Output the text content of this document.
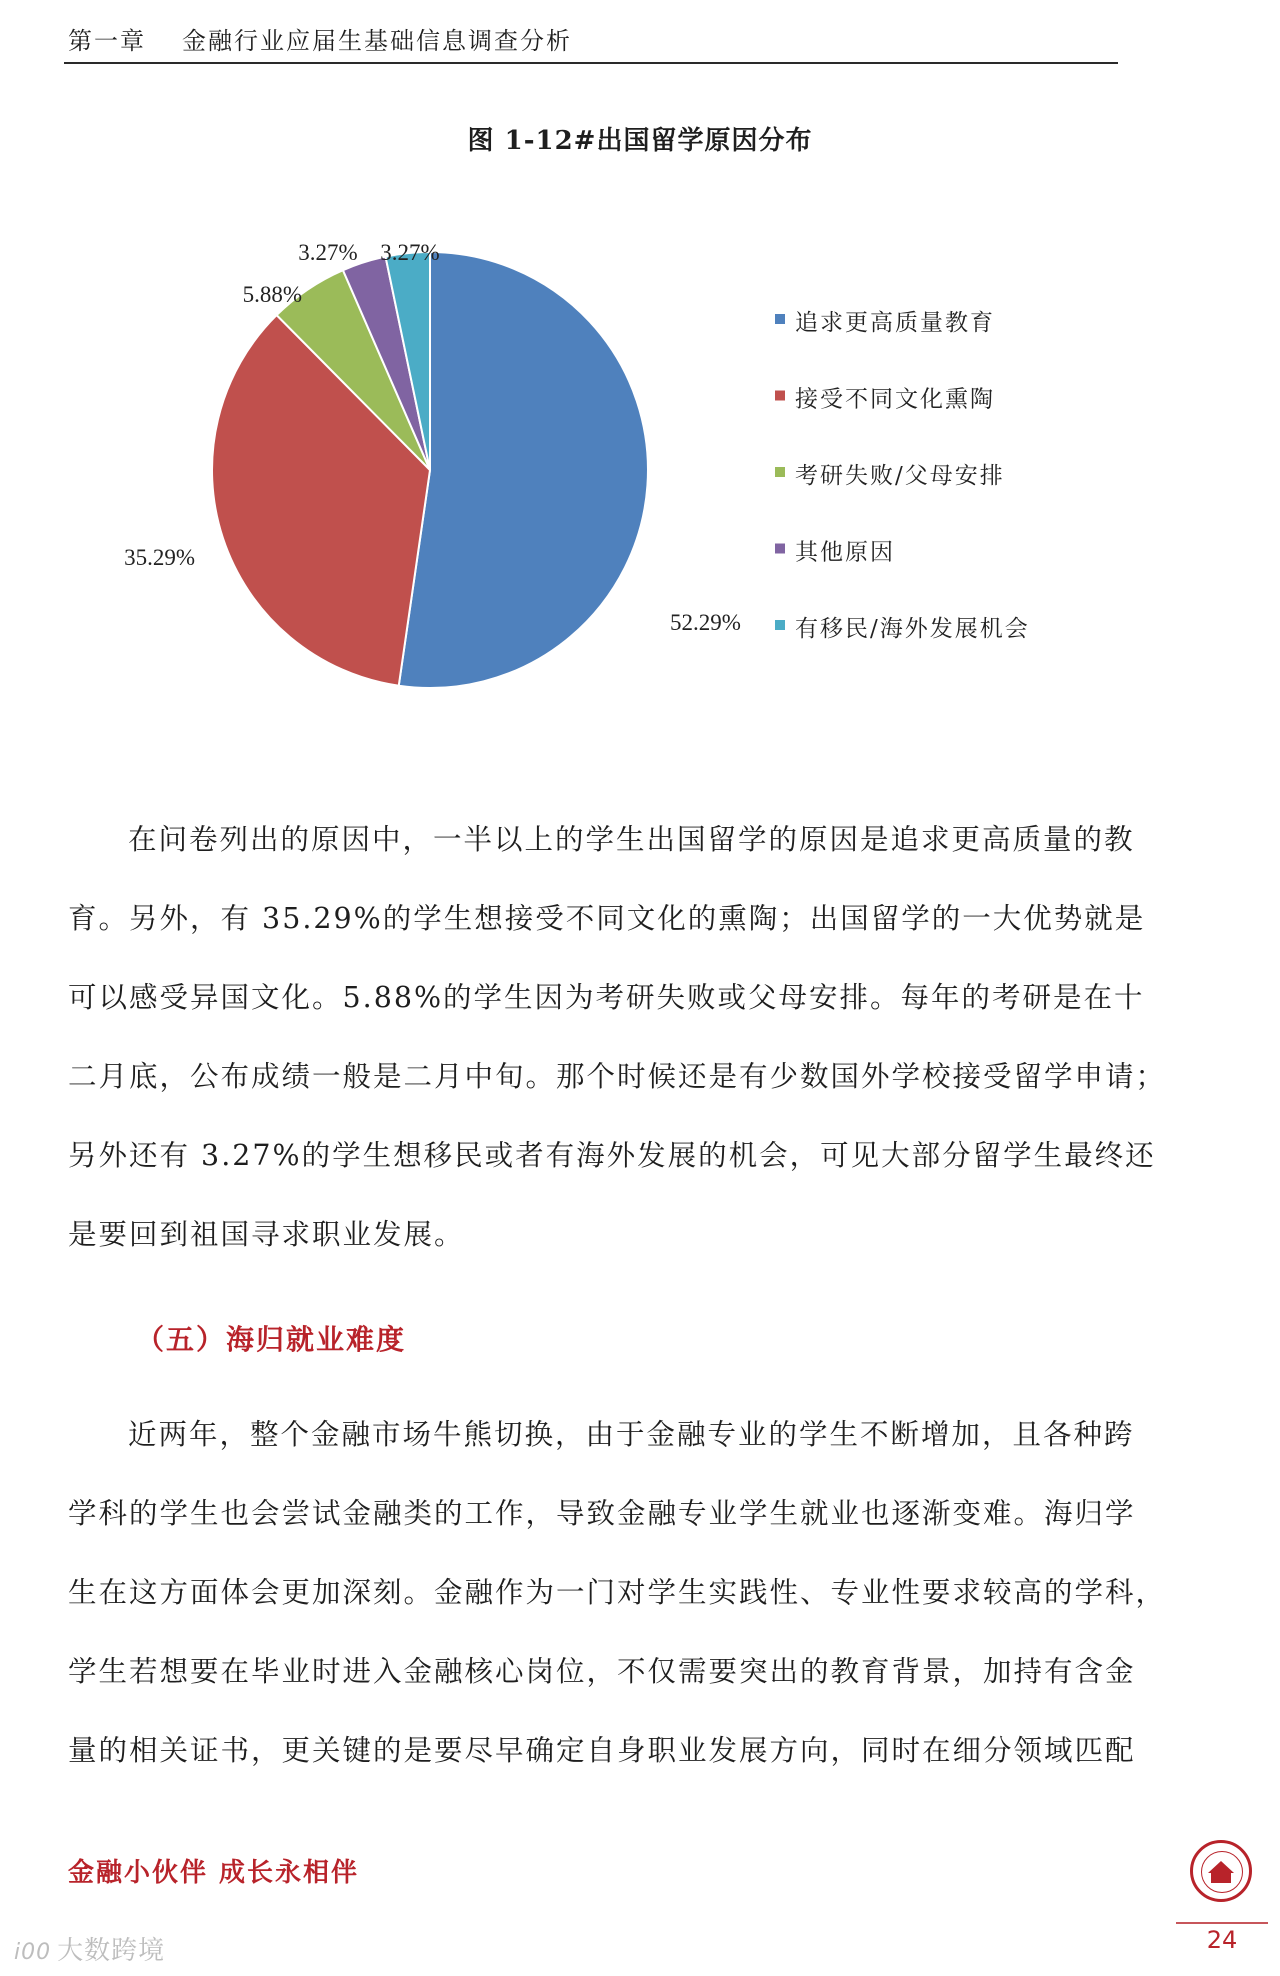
第一章 金融行业应届生基础信息调查分析
图 1-12#出国留学原因分布
52.29%
35.29%
5.88%
3.27% 3.27%
追求更高质量教育
接受不同文化熏陶
考研失败/父母安排
其他原因
有移民/海外发展机会
在问卷列出的原因中，一半以上的学生出国留学的原因是追求更高质量的教
育。另外，有 35.29%的学生想接受不同文化的熏陶；出国留学的一大优势就是
可以感受异国文化。5.88%的学生因为考研失败或父母安排。每年的考研是在十
二月底，公布成绩一般是二月中旬。那个时候还是有少数国外学校接受留学申请；
另外还有 3.27%的学生想移民或者有海外发展的机会，可见大部分留学生最终还
是要回到祖国寻求职业发展。
（五）海归就业难度
近两年，整个金融市场牛熊切换，由于金融专业的学生不断增加，且各种跨
学科的学生也会尝试金融类的工作，导致金融专业学生就业也逐渐变难。海归学
生在这方面体会更加深刻。金融作为一门对学生实践性、专业性要求较高的学科，
学生若想要在毕业时进入金融核心岗位，不仅需要突出的教育背景，加持有含金
量的相关证书，更关键的是要尽早确定自身职业发展方向，同时在细分领域匹配
金融小伙伴 成长永相伴
24
i00 大数跨境
